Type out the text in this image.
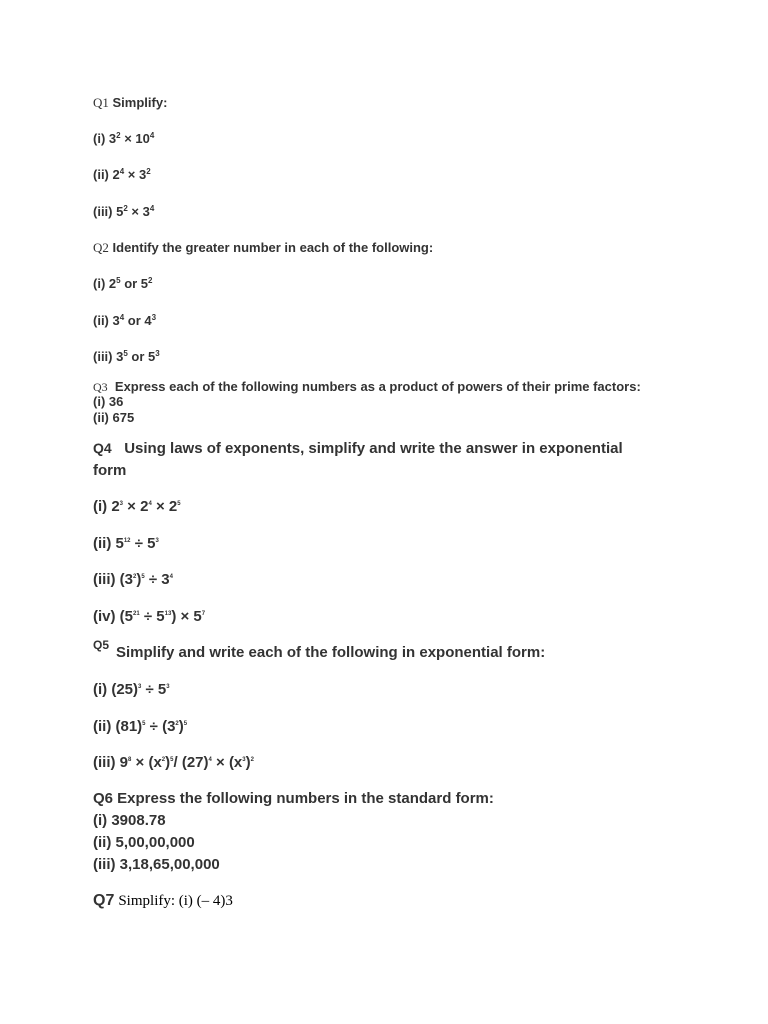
Q1 Simplify:
(i) $3^2 \times 10^4$
(ii) $2^4 \times 3^2$
(iii) $5^2 \times 3^4$
Q2 Identify the greater number in each of the following:
(i) $2^5$ or $5^2$
(ii) $3^4$ or $4^3$
(iii) $3^5$ or $5^3$
Q3 Express each of the following numbers as a product of powers of their prime factors:
(i) 36
(ii) 675
Q4 Using laws of exponents, simplify and write the answer in exponential
form
(i) $2^3 \times 2^4 \times 2^5$
(ii) $5^{12} \div 5^3$
(iii) $(3^2)^5 \div 3^4$
(iv) $(5^{21} \div 5^{13}) \times 5^7$
Q5 Simplify and write each of the following in exponential form:
(i) $(25)^3 \div 5^3$
(ii) $(81)^5 \div (3^2)^5$
(iii) $9^8 \times (x^2)^5/$ $(27)^4 \times (x^3)^2$
Q6 Express the following numbers in the standard form:
(i) 3908.78
(ii) 5,00,00,000
(iii) 3,18,65,00,000
Q7 Simplify: (i) (– 4)3
